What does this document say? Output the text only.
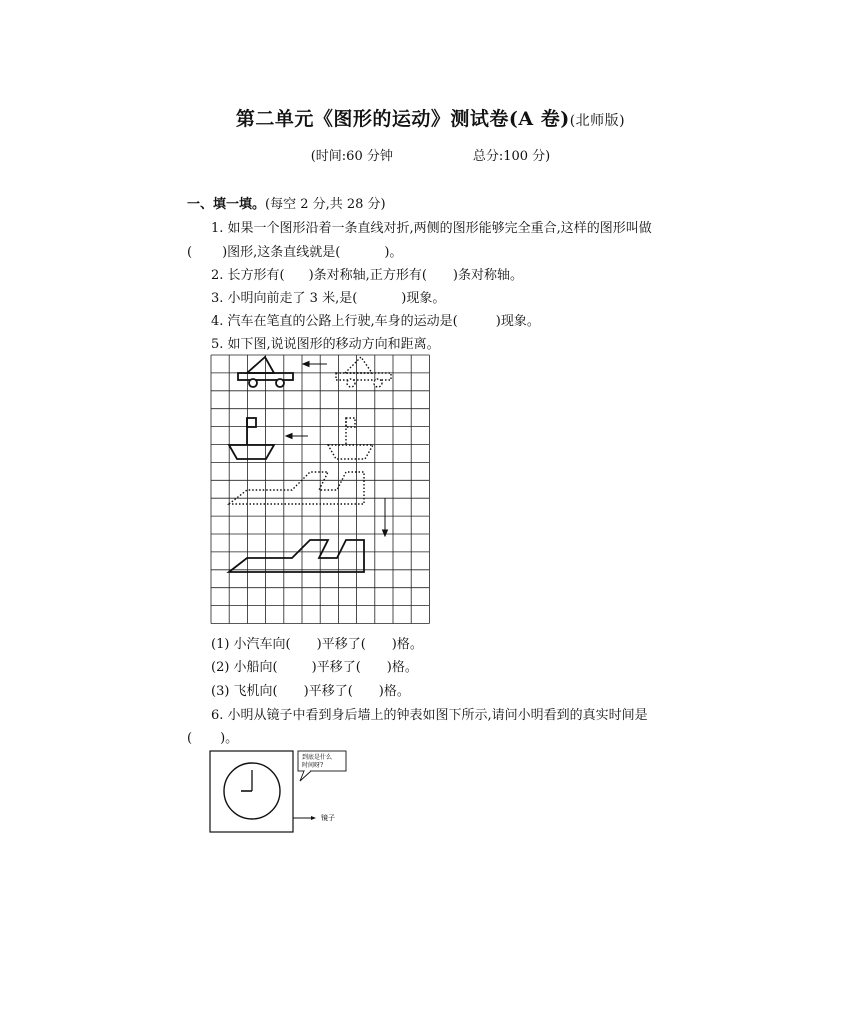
第二单元《图形的运动》测试卷(A 卷)(北师版)
(时间:60 分钟	总分:100 分)
一、填一填。(每空 2 分,共 28 分)
1. 如果一个图形沿着一条直线对折,两侧的图形能够完全重合,这样的图形叫做
( )图形,这条直线就是(	)。
2. 长方形有( )条对称轴,正方形有( )条对称轴。
3. 小明向前走了 3 米,是(	)现象。
4. 汽车在笔直的公路上行驶,车身的运动是(	)现象。
5. 如下图,说说图形的移动方向和距离。
(1) 小汽车向( )平移了( )格。
(2) 小船向(	)平移了( )格。
(3) 飞机向( )平移了( )格。
6. 小明从镜子中看到身后墙上的钟表如图下所示,请问小明看到的真实时间是
( )。
到底是什么
时间呀?
镜子
